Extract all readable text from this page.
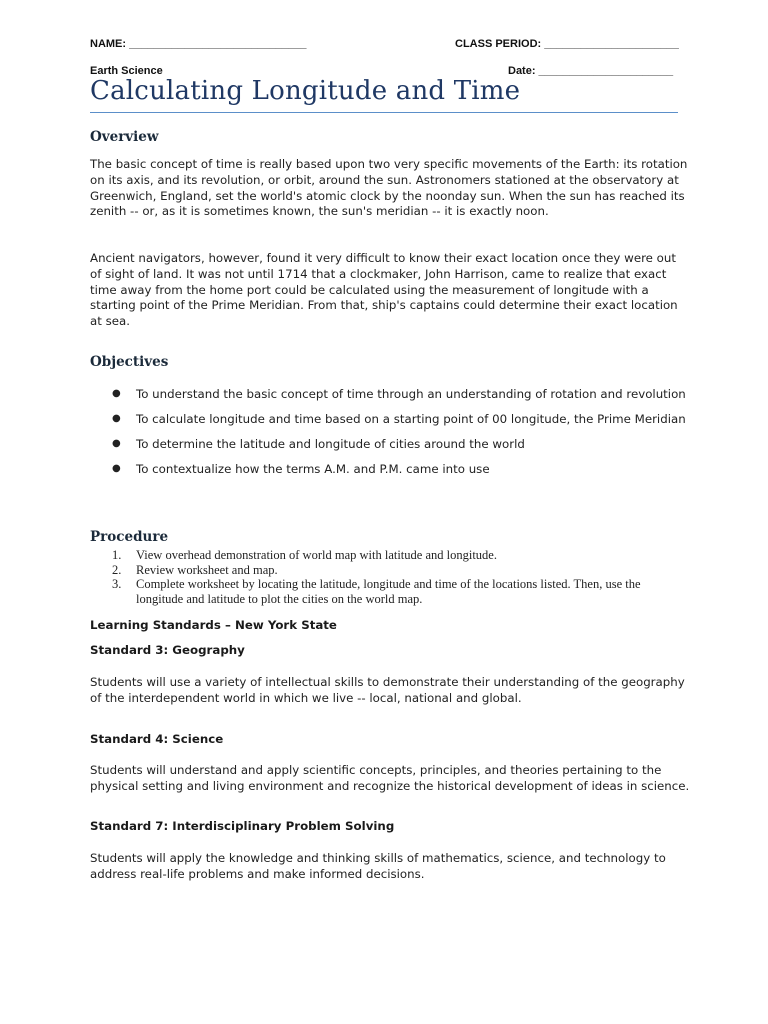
NAME: _____________________________	CLASS PERIOD: ______________________
Earth Science	Date: ______________________
Calculating Longitude and Time
Overview

The basic concept of time is really based upon two very specific movements of the Earth: its rotation on its axis, and its revolution, or orbit, around the sun. Astronomers stationed at the observatory at Greenwich, England, set the world's atomic clock by the noonday sun. When the sun has reached its zenith -- or, as it is sometimes known, the sun's meridian -- it is exactly noon.

Ancient navigators, however, found it very difficult to know their exact location once they were out of sight of land. It was not until 1714 that a clockmaker, John Harrison, came to realize that exact time away from the home port could be calculated using the measurement of longitude with a starting point of the Prime Meridian. From that, ship's captains could determine their exact location at sea.

Objectives
● To understand the basic concept of time through an understanding of rotation and revolution
● To calculate longitude and time based on a starting point of 00 longitude, the Prime Meridian
● To determine the latitude and longitude of cities around the world
● To contextualize how the terms A.M. and P.M. came into use
Procedure
1. View overhead demonstration of world map with latitude and longitude.
2. Review worksheet and map.
3. Complete worksheet by locating the latitude, longitude and time of the locations listed. Then, use the longitude and latitude to plot the cities on the world map.
Learning Standards – New York State
Standard 3: Geography

Students will use a variety of intellectual skills to demonstrate their understanding of the geography of the interdependent world in which we live -- local, national and global.

Standard 4: Science

Students will understand and apply scientific concepts, principles, and theories pertaining to the physical setting and living environment and recognize the historical development of ideas in science.

Standard 7: Interdisciplinary Problem Solving

Students will apply the knowledge and thinking skills of mathematics, science, and technology to address real-life problems and make informed decisions.
